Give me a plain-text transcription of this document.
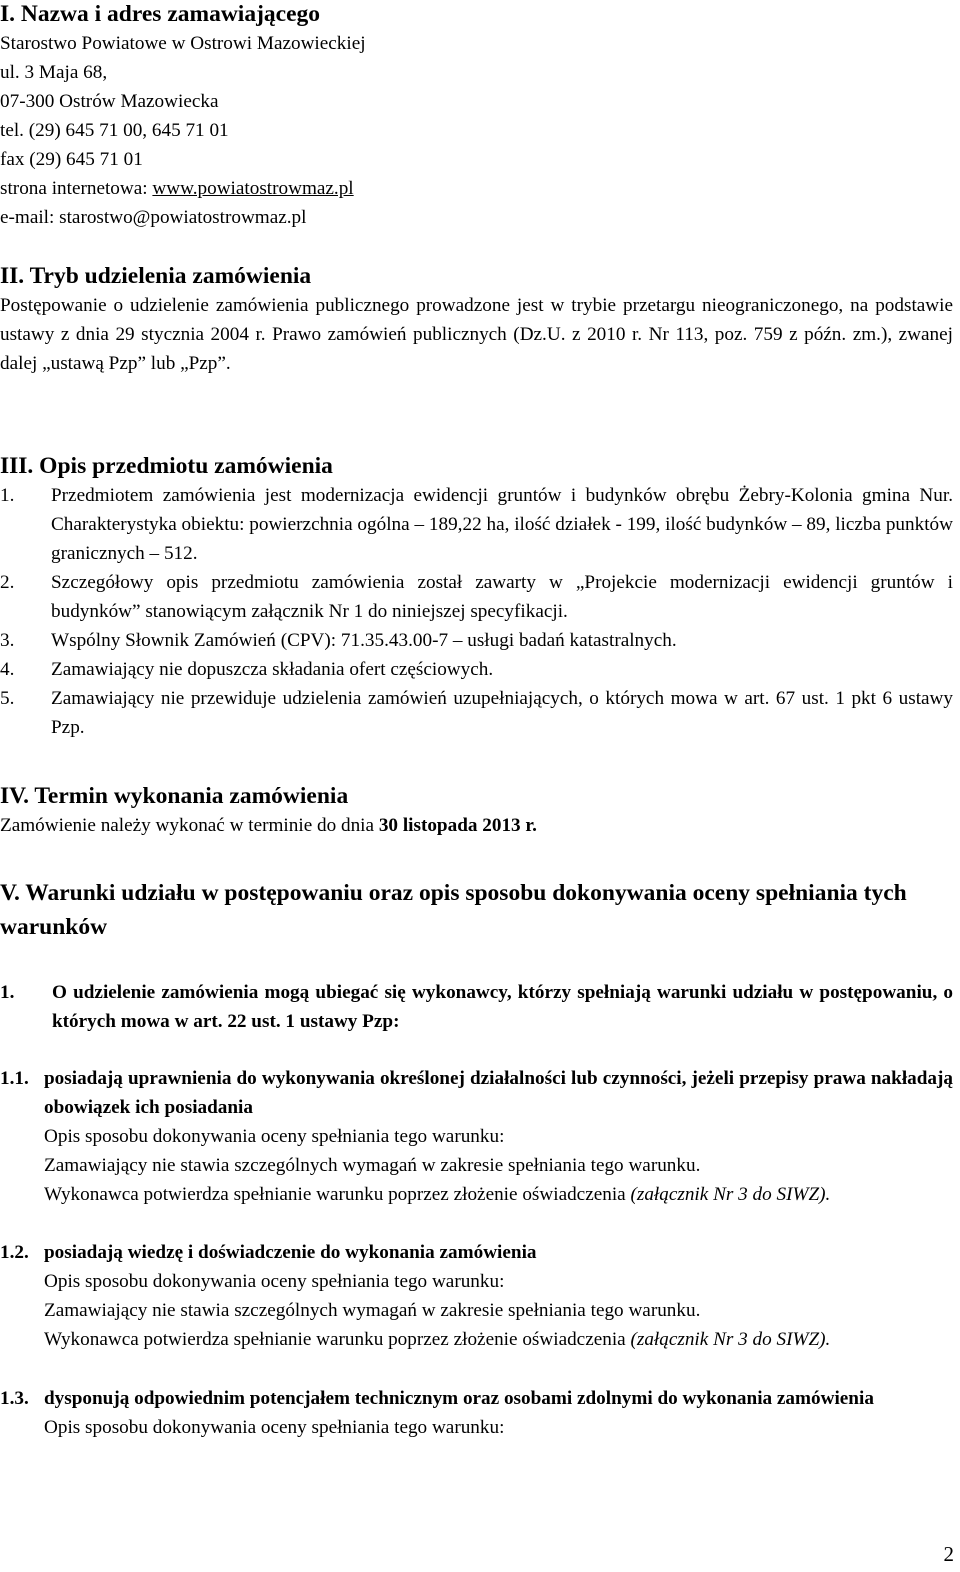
I. Nazwa i adres zamawiającego

Starostwo Powiatowe w Ostrowi Mazowieckiej

ul. 3 Maja 68,

07-300 Ostrów Mazowiecka

tel. (29) 645 71 00, 645 71 01

fax (29) 645 71 01

strona internetowa: www.powiatostrowmaz.pl

e-mail: starostwo@powiatostrowmaz.pl

II. Tryb udzielenia zamówienia

Postępowanie o udzielenie zamówienia publicznego prowadzone jest w trybie przetargu nieograniczonego, na podstawie ustawy z dnia 29 stycznia 2004 r. Prawo zamówień publicznych (Dz.U. z 2010 r. Nr 113, poz. 759 z późn. zm.), zwanej dalej „ustawą Pzp” lub „Pzp”.

III. Opis przedmiotu zamówienia

1. Przedmiotem zamówienia jest modernizacja ewidencji gruntów i budynków obrębu Żebry-Kolonia gmina Nur. Charakterystyka obiektu: powierzchnia ogólna – 189,22 ha, ilość działek - 199, ilość budynków – 89, liczba punktów granicznych – 512.
2. Szczegółowy opis przedmiotu zamówienia został zawarty w „Projekcie modernizacji ewidencji gruntów i budynków” stanowiącym załącznik Nr 1 do niniejszej specyfikacji.
3. Wspólny Słownik Zamówień (CPV): 71.35.43.00-7 – usługi badań katastralnych.
4. Zamawiający nie dopuszcza składania ofert częściowych.
5. Zamawiający nie przewiduje udzielenia zamówień uzupełniających, o których mowa w art. 67 ust. 1 pkt 6 ustawy Pzp.

IV. Termin wykonania zamówienia

Zamówienie należy wykonać w terminie do dnia 30 listopada 2013 r.

V. Warunki udziału w postępowaniu oraz opis sposobu dokonywania oceny spełniania tych warunków

1. O udzielenie zamówienia mogą ubiegać się wykonawcy, którzy spełniają warunki udziału w postępowaniu, o których mowa w art. 22 ust. 1 ustawy Pzp:
1.1. posiadają uprawnienia do wykonywania określonej działalności lub czynności, jeżeli przepisy prawa nakładają obowiązek ich posiadania
Opis sposobu dokonywania oceny spełniania tego warunku:
Zamawiający nie stawia szczególnych wymagań w zakresie spełniania tego warunku.
Wykonawca potwierdza spełnianie warunku poprzez złożenie oświadczenia (załącznik Nr 3 do SIWZ).
1.2. posiadają wiedzę i doświadczenie do wykonania zamówienia
Opis sposobu dokonywania oceny spełniania tego warunku:
Zamawiający nie stawia szczególnych wymagań w zakresie spełniania tego warunku.
Wykonawca potwierdza spełnianie warunku poprzez złożenie oświadczenia (załącznik Nr 3 do SIWZ).
1.3. dysponują odpowiednim potencjałem technicznym oraz osobami zdolnymi do wykonania zamówienia
Opis sposobu dokonywania oceny spełniania tego warunku:
2
